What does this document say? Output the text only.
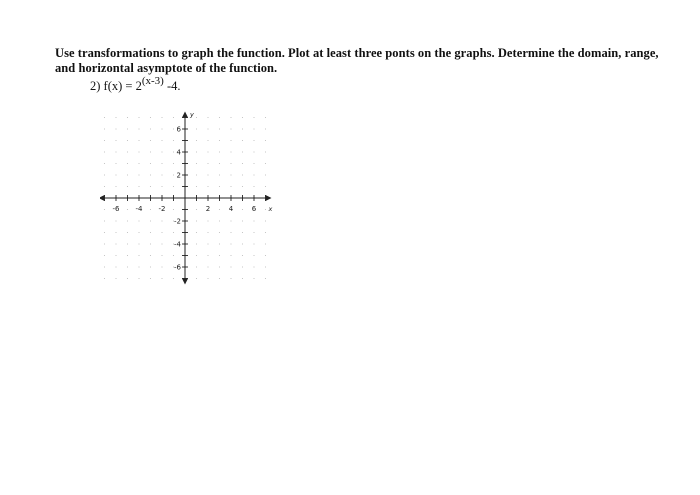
Use transformations to graph the function. Plot at least three ponts on the graphs. Determine the domain, range, and horizontal asymptote of the function.
2) $f(x) = 2^{(x-3)}$ -4.
-6 -4 -2	2	4	6
6
4
2
-2
-4
-6
x
y
